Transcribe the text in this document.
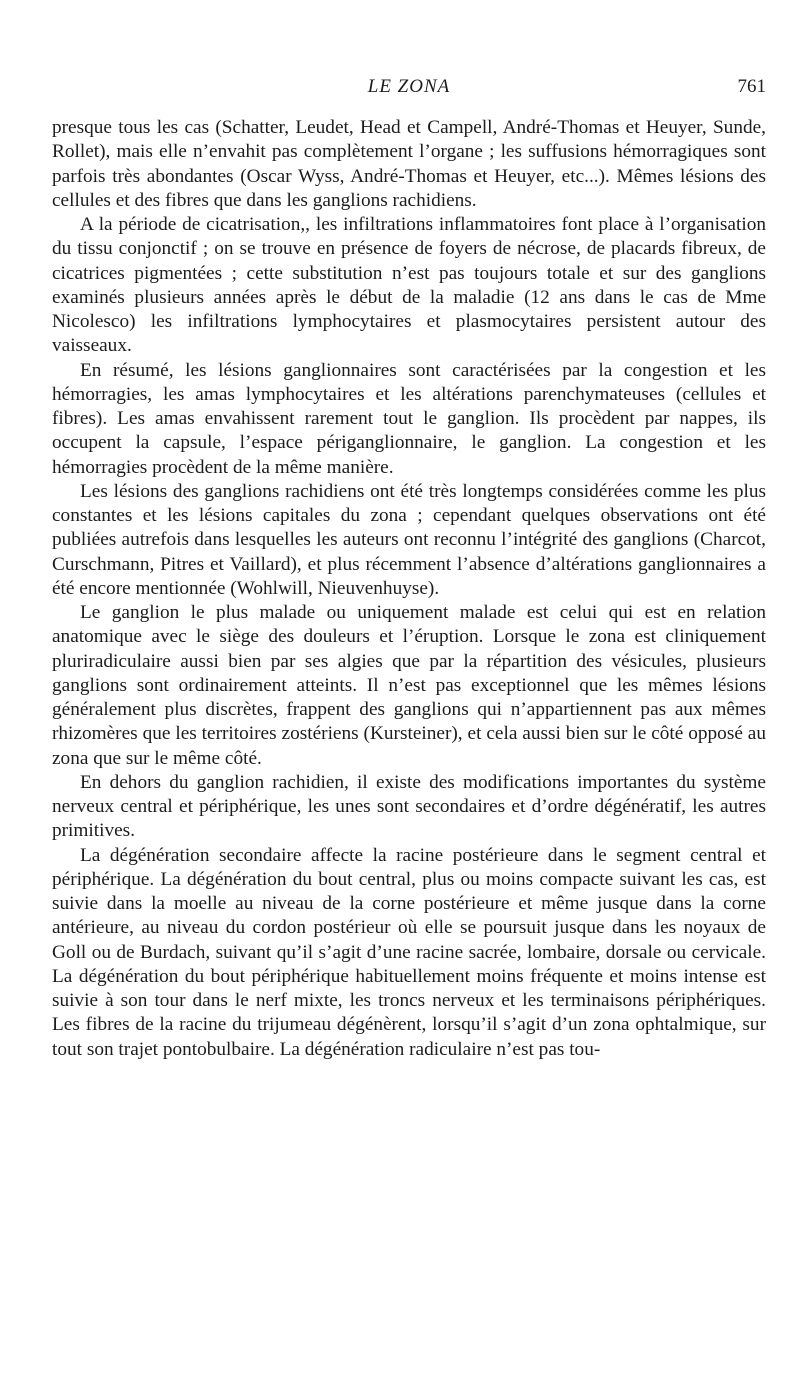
LE ZONA	761

presque tous les cas (Schatter, Leudet, Head et Campell, André-Thomas et Heuyer, Sunde, Rollet), mais elle n’envahit pas complètement l’organe ; les suffusions hémorragiques sont parfois très abondantes (Oscar Wyss, André-Thomas et Heuyer, etc...). Mêmes lésions des cellules et des fibres que dans les ganglions rachidiens.

A la période de cicatrisation,, les infiltrations inflammatoires font place à l’organisation du tissu conjonctif ; on se trouve en présence de foyers de nécrose, de placards fibreux, de cicatrices pigmentées ; cette substitution n’est pas toujours totale et sur des ganglions examinés plusieurs années après le début de la maladie (12 ans dans le cas de Mme Nicolesco) les infiltrations lymphocytaires et plasmocytaires persistent autour des vaisseaux.

En résumé, les lésions ganglionnaires sont caractérisées par la congestion et les hémorragies, les amas lymphocytaires et les altérations parenchymateuses (cellules et fibres). Les amas envahissent rarement tout le ganglion. Ils procèdent par nappes, ils occupent la capsule, l’espace périganglionnaire, le ganglion. La congestion et les hémorragies procèdent de la même manière.

Les lésions des ganglions rachidiens ont été très longtemps considérées comme les plus constantes et les lésions capitales du zona ; cependant quelques observations ont été publiées autrefois dans lesquelles les auteurs ont reconnu l’intégrité des ganglions (Charcot, Curschmann, Pitres et Vaillard), et plus récemment l’absence d’altérations ganglionnaires a été encore mentionnée (Wohlwill, Nieuvenhuyse).

Le ganglion le plus malade ou uniquement malade est celui qui est en relation anatomique avec le siège des douleurs et l’éruption. Lorsque le zona est cliniquement pluriradiculaire aussi bien par ses algies que par la répartition des vésicules, plusieurs ganglions sont ordinairement atteints. Il n’est pas exceptionnel que les mêmes lésions généralement plus discrètes, frappent des ganglions qui n’appartiennent pas aux mêmes rhizomères que les territoires zostériens (Kursteiner), et cela aussi bien sur le côté opposé au zona que sur le même côté.

En dehors du ganglion rachidien, il existe des modifications importantes du système nerveux central et périphérique, les unes sont secondaires et d’ordre dégénératif, les autres primitives.

La dégénération secondaire affecte la racine postérieure dans le segment central et périphérique. La dégénération du bout central, plus ou moins compacte suivant les cas, est suivie dans la moelle au niveau de la corne postérieure et même jusque dans la corne antérieure, au niveau du cordon postérieur où elle se poursuit jusque dans les noyaux de Goll ou de Burdach, suivant qu’il s’agit d’une racine sacrée, lombaire, dorsale ou cervicale. La dégénération du bout périphérique habituellement moins fréquente et moins intense est suivie à son tour dans le nerf mixte, les troncs nerveux et les terminaisons périphériques. Les fibres de la racine du trijumeau dégénèrent, lorsqu’il s’agit d’un zona ophtalmique, sur tout son trajet pontobulbaire. La dégénération radiculaire n’est pas tou-
